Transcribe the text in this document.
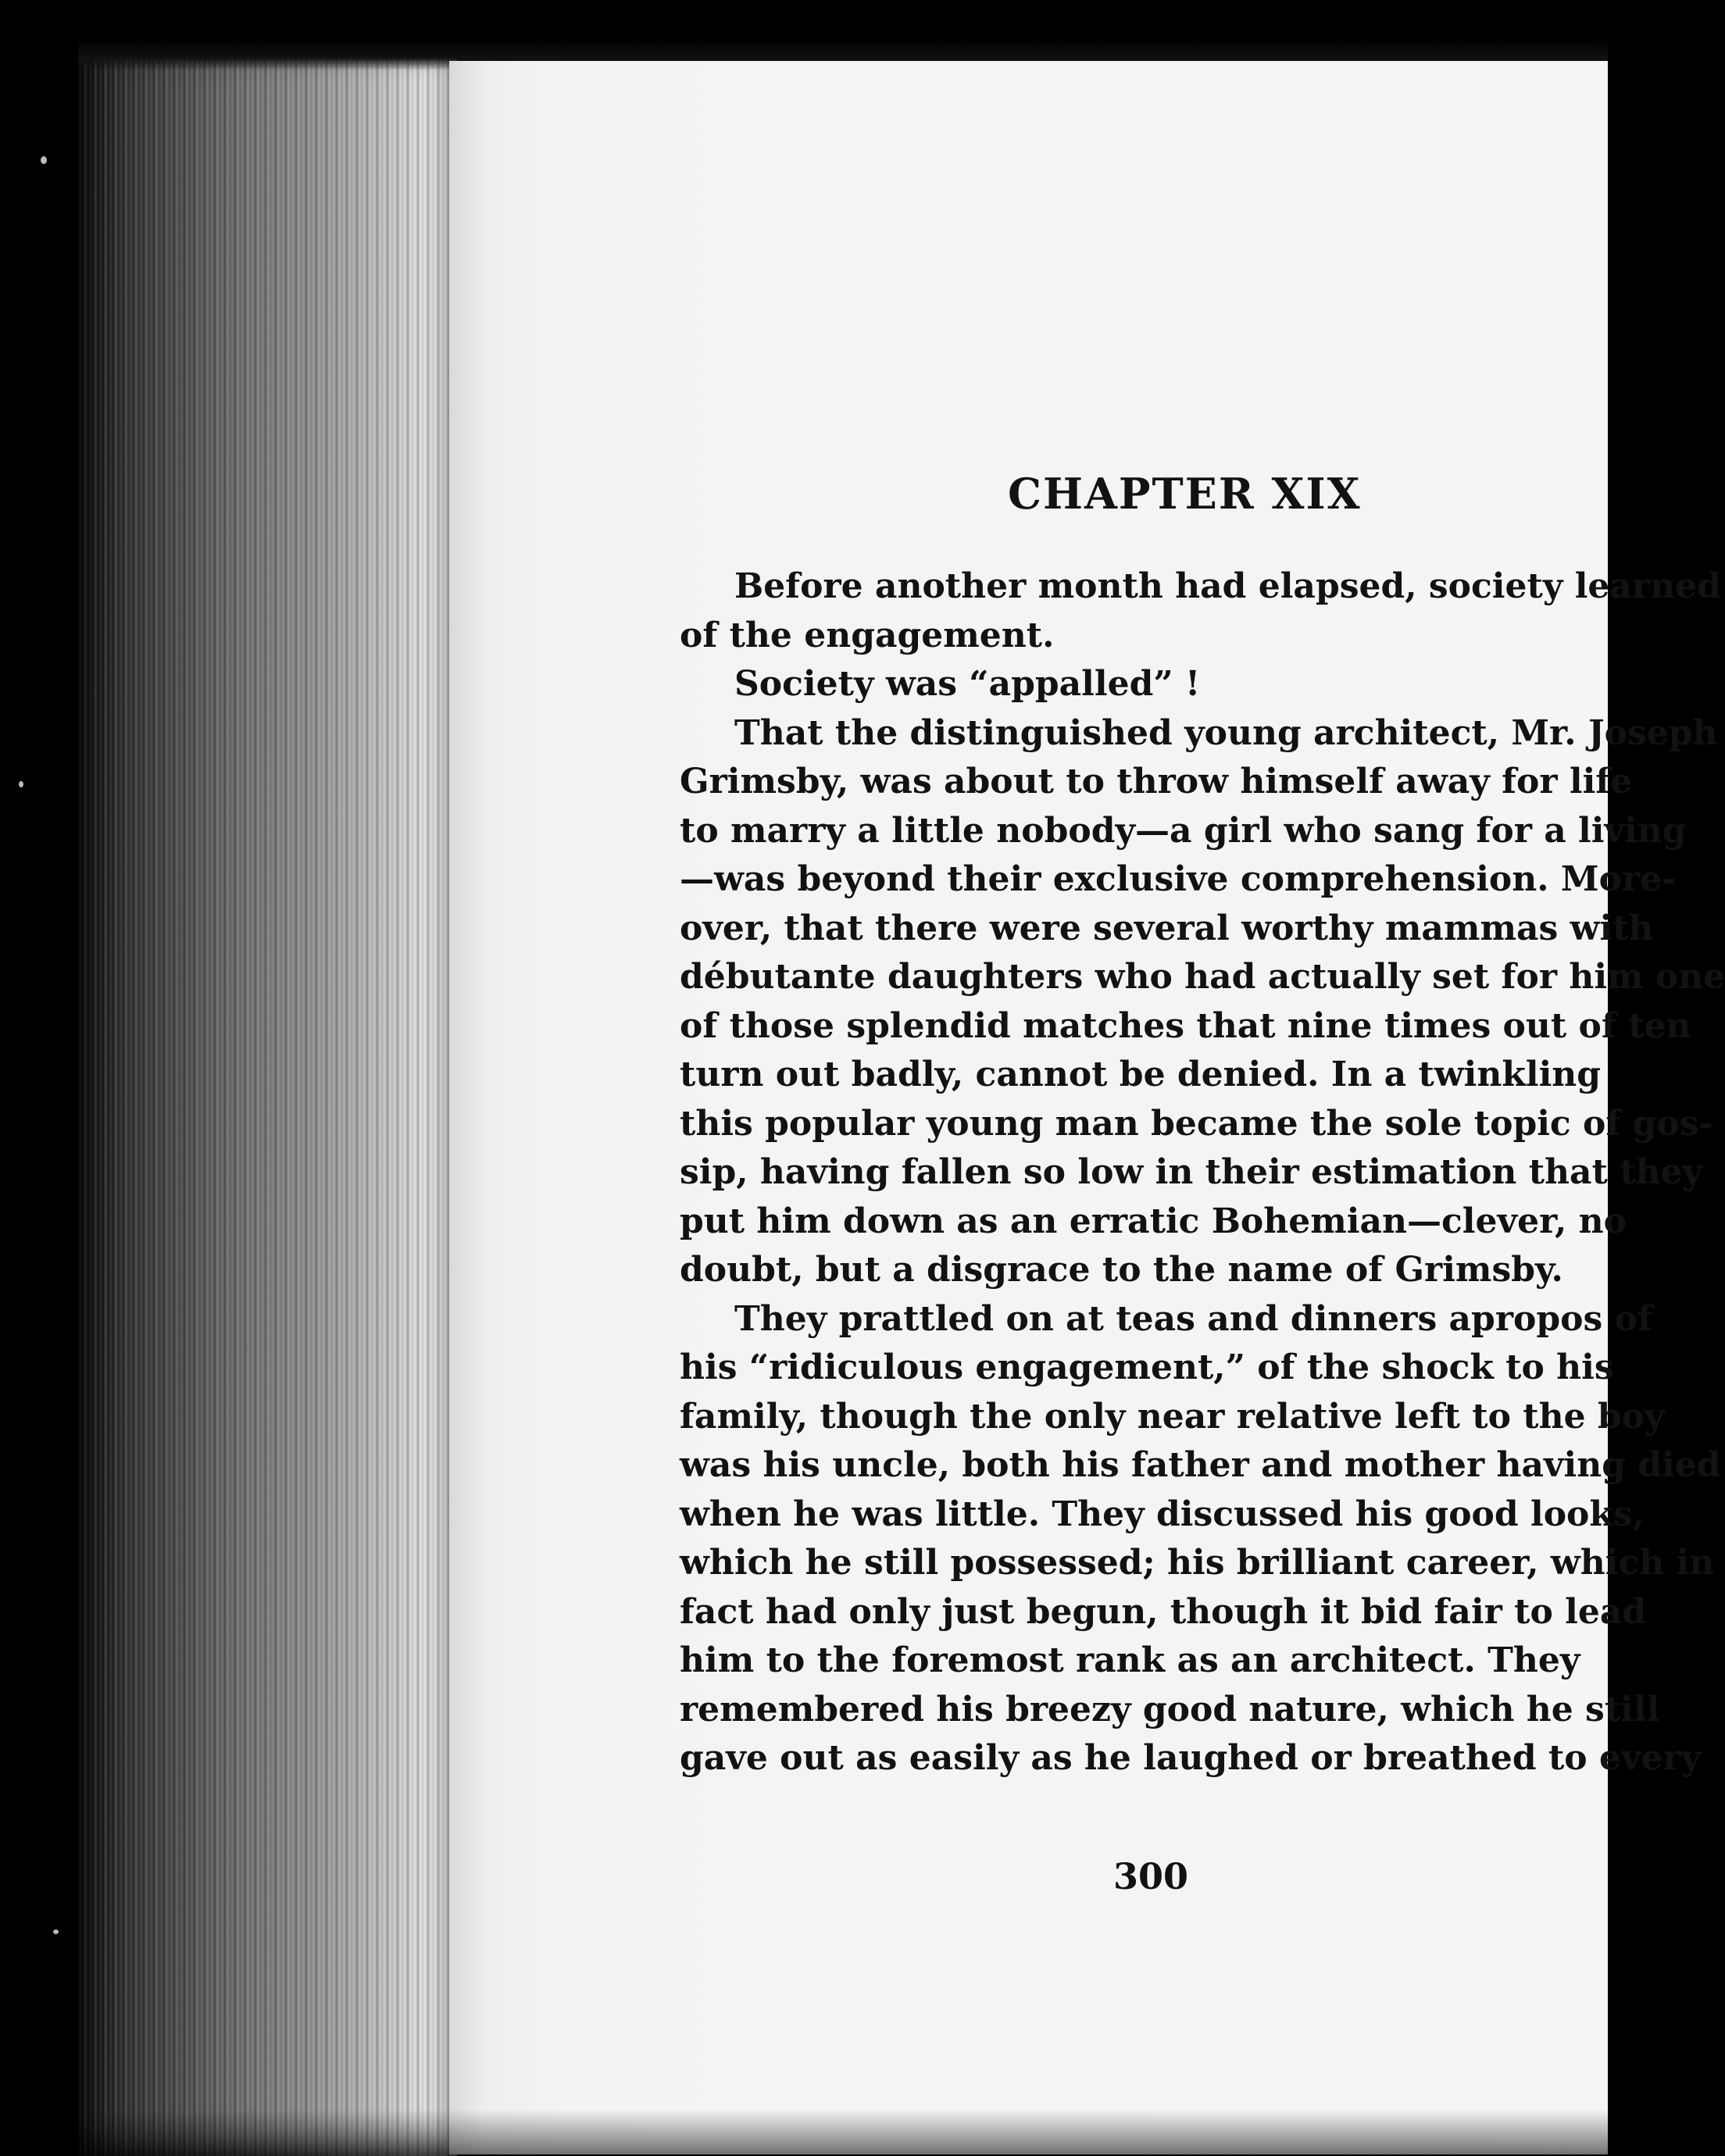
CHAPTER XIX
Before another month had elapsed, society learned
of the engagement.
Society was “appalled” !
That the distinguished young architect, Mr. Joseph
Grimsby, was about to throw himself away for life
to marry a little nobody—a girl who sang for a living
—was beyond their exclusive comprehension. More-
over, that there were several worthy mammas with
débutante daughters who had actually set for him one
of those splendid matches that nine times out of ten
turn out badly, cannot be denied. In a twinkling
this popular young man became the sole topic of gos-
sip, having fallen so low in their estimation that they
put him down as an erratic Bohemian—clever, no
doubt, but a disgrace to the name of Grimsby.
They prattled on at teas and dinners apropos of
his “ridiculous engagement,” of the shock to his
family, though the only near relative left to the boy
was his uncle, both his father and mother having died
when he was little. They discussed his good looks,
which he still possessed; his brilliant career, which in
fact had only just begun, though it bid fair to lead
him to the foremost rank as an architect. They
remembered his breezy good nature, which he still
gave out as easily as he laughed or breathed to every
300
